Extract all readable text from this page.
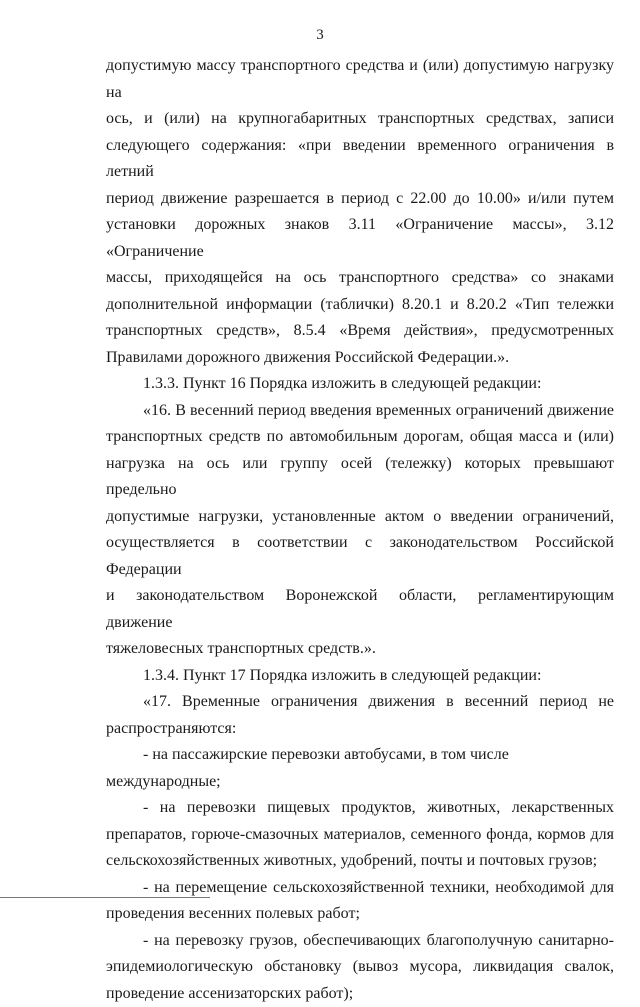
3

допустимую массу транспортного средства и (или) допустимую нагрузку на

ось, и (или) на крупногабаритных транспортных средствах, записи

следующего содержания: «при введении временного ограничения в летний

период движение разрешается в период с 22.00 до 10.00» и/или путем

установки дорожных знаков 3.11 «Ограничение массы», 3.12 «Ограничение

массы, приходящейся на ось транспортного средства» со знаками

дополнительной информации (таблички) 8.20.1 и 8.20.2 «Тип тележки

транспортных средств», 8.5.4 «Время действия», предусмотренных

Правилами дорожного движения Российской Федерации.».

1.3.3. Пункт 16 Порядка изложить в следующей редакции:

«16. В весенний период введения временных ограничений движение

транспортных средств по автомобильным дорогам, общая масса и (или)

нагрузка на ось или группу осей (тележку) которых превышают предельно

допустимые нагрузки, установленные актом о введении ограничений,

осуществляется в соответствии с законодательством Российской Федерации

и законодательством Воронежской области, регламентирующим движение

тяжеловесных транспортных средств.».

1.3.4. Пункт 17 Порядка изложить в следующей редакции:

«17. Временные ограничения движения в весенний период не

распространяются:

- на пассажирские перевозки автобусами, в том числе международные;

- на перевозки пищевых продуктов, животных, лекарственных

препаратов, горюче-смазочных материалов, семенного фонда, кормов для

сельскохозяйственных животных, удобрений, почты и почтовых грузов;

- на перемещение сельскохозяйственной техники, необходимой для

проведения весенних полевых работ;

- на перевозку грузов, обеспечивающих благополучную санитарно-

эпидемиологическую обстановку (вывоз мусора, ликвидация свалок,

проведение ассенизаторских работ);
